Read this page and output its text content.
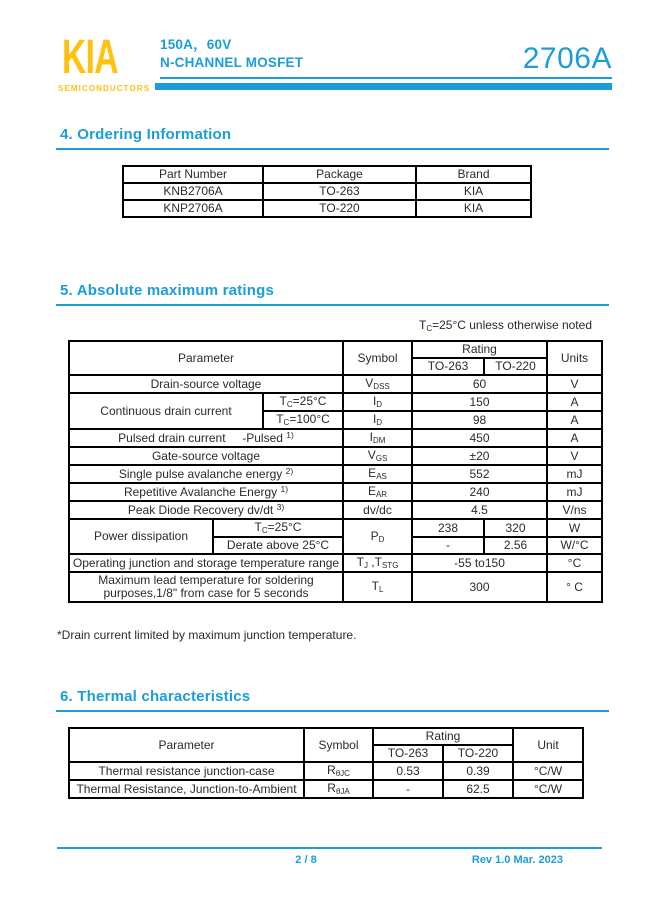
KIA
SEMICONDUCTORS
150A，60V
N-CHANNEL MOSFET	2706A
4. Ordering Information
Part Number	Package	Brand
KNB2706A	TO-263	KIA
KNP2706A	TO-220	KIA
5. Absolute maximum ratings
$T_C=25^\circ C$ unless otherwise noted
Parameter			Symbol	Rating		Units
				TO-263	TO-220	
Drain-source voltage			$V_{DSS}$	60		V
Continuous drain current		$T_C=25^\circ C$	$I_D$	150		A
		$T_C=100^\circ C$	$I_D$	98		A
Pulsed drain current     -Pulsed $^{1)}$			$I_{DM}$	450		A
Gate-source voltage			$V_{GS}$	±20		V
Single pulse avalanche energy $^{2)}$			$E_{AS}$	552		mJ
Repetitive Avalanche Energy $^{1)}$			$E_{AR}$	240		mJ
Peak Diode Recovery dv/dt $^{3)}$			dv/dc	4.5		V/ns
Power dissipation	$T_C=25^\circ C$		$P_D$	238	320	W
	Derate above 25°C			-	2.56	W/°C
Operating junction and storage temperature range			$T_J$ $,T_{STG}$	-55 to150		°C
Maximum lead temperature for soldering purposes,1/8" from case for 5 seconds			$T_L$	300		° C
*Drain current limited by maximum junction temperature.
6. Thermal characteristics
Parameter	Symbol	Rating		Unit
		TO-263	TO-220	
Thermal resistance junction-case	$R_{\theta JC}$	0.53	0.39	°C/W
Thermal Resistance, Junction-to-Ambient	$R_{\theta JA}$	-	62.5	°C/W
2 / 8	Rev 1.0 Mar. 2023
